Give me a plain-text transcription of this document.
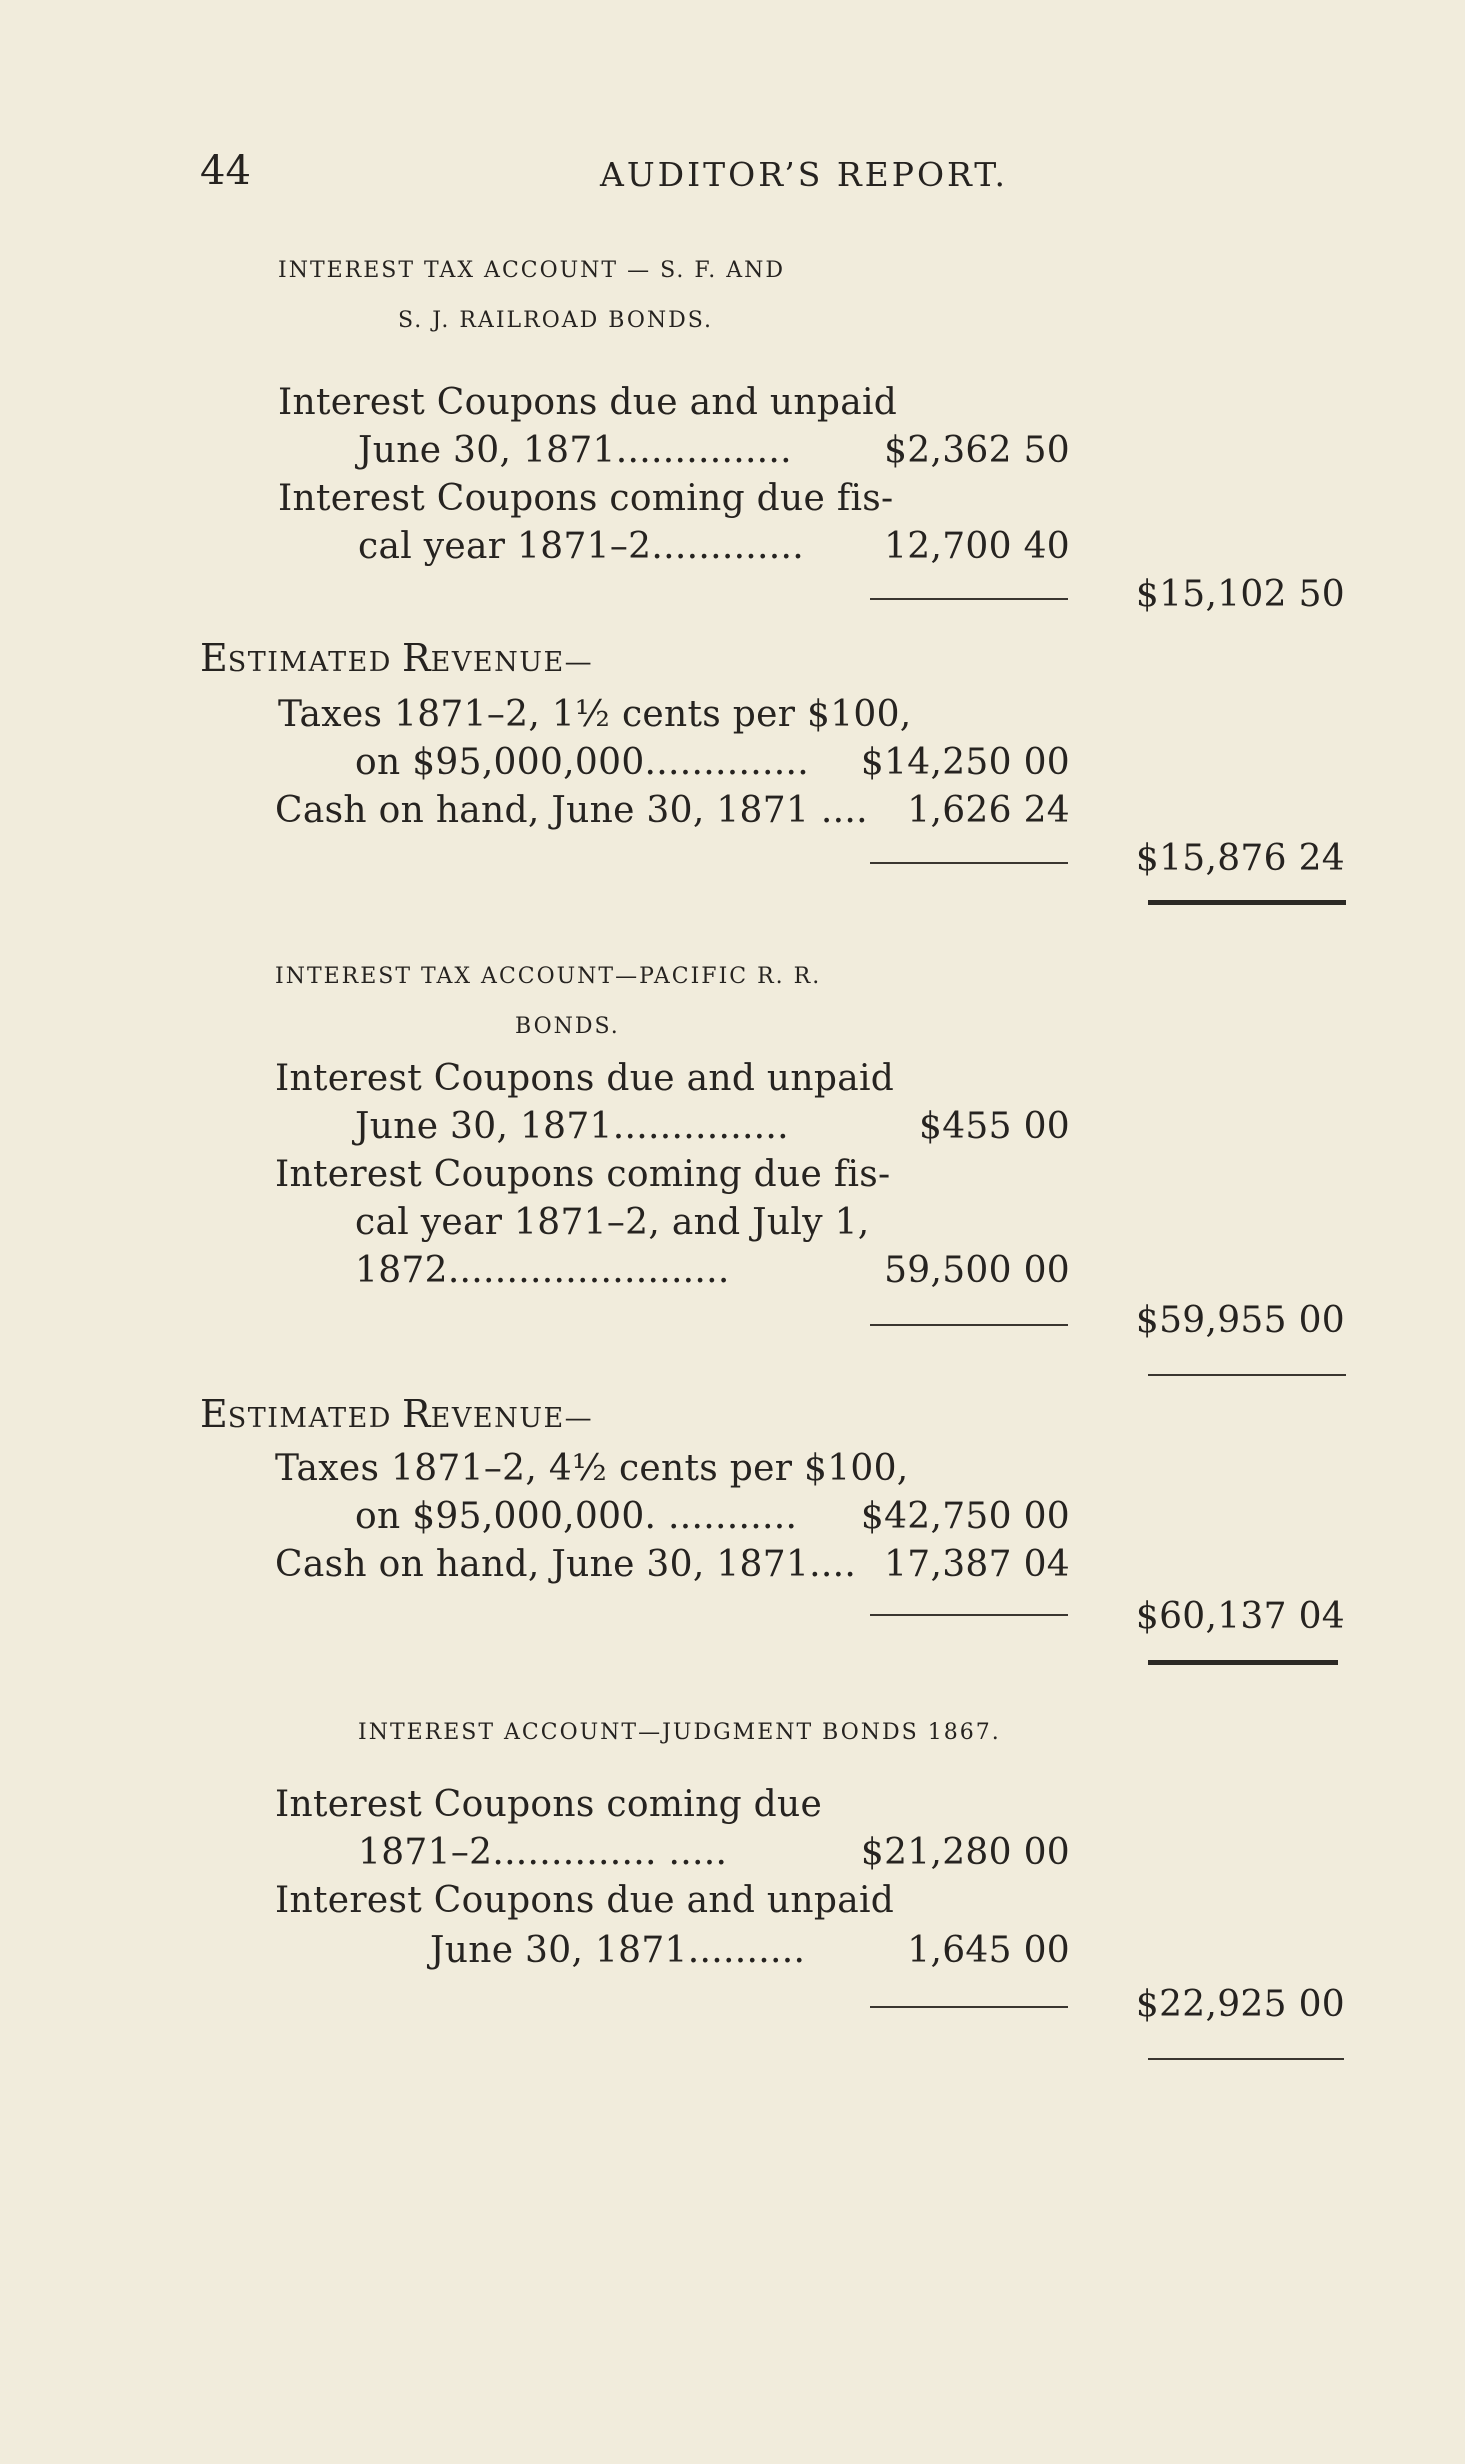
44	AUDITOR’S REPORT.
INTEREST TAX ACCOUNT — S. F. AND
S. J. RAILROAD BONDS.
Interest Coupons due and unpaid
June 30, 1871...............	$2,362 50
Interest Coupons coming due fis-
cal year 1871–2.............	12,700 40
$15,102 50
ESTIMATED REVENUE—
Taxes 1871–2, 1½ cents per $100,
on $95,000,000..............	$14,250 00
Cash on hand, June 30, 1871 ....	1,626 24
$15,876 24
INTEREST TAX ACCOUNT—PACIFIC R. R.
BONDS.
Interest Coupons due and unpaid
June 30, 1871...............	$455 00
Interest Coupons coming due fis-
cal year 1871–2, and July 1,
1872........................	59,500 00
$59,955 00
ESTIMATED REVENUE—
Taxes 1871–2, 4½ cents per $100,
on $95,000,000. ...........	$42,750 00
Cash on hand, June 30, 1871.... 17,387 04
$60,137 04
INTEREST ACCOUNT—JUDGMENT BONDS 1867.
Interest Coupons coming due
1871–2.............. .....	$21,280 00
Interest Coupons due and unpaid
June 30, 1871..........	1,645 00
$22,925 00
